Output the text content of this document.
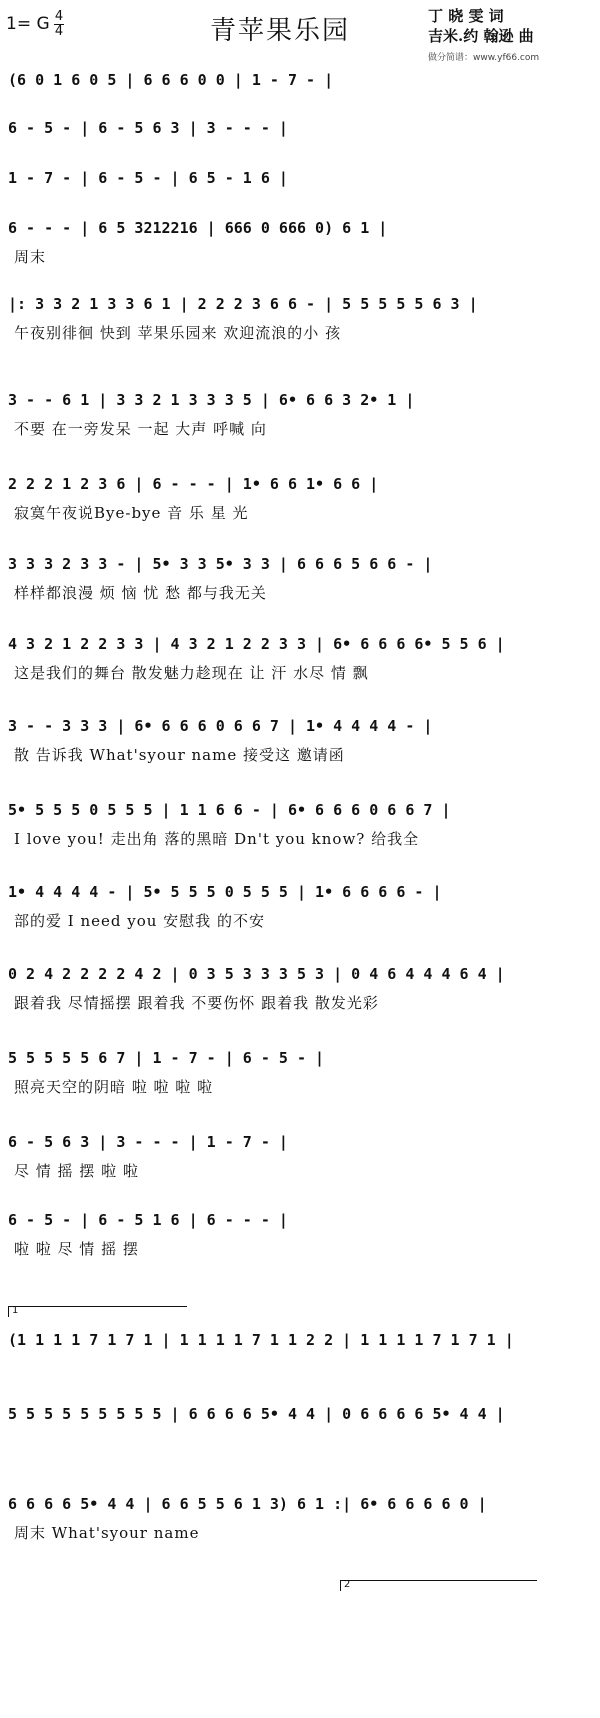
1= G 4
4	青苹果乐园	丁 晓 雯 词
吉米.约 翰逊 曲
做分简谱：www.yf66.com
(6 0 1 6 0 5 | 6 6 6 0 0 | 1 - 7 - |
6 - 5 - | 6 - 5 6 3 | 3 - - - |
1 - 7 - | 6 - 5 - | 6 5 - 1 6 |
6 - - - | 6 5 3212216 | 666 0 666 0) 6 1 |
周末
|: 3 3 2 1 3 3 6 1 | 2 2 2 3 6 6 - | 5 5 5 5 5 6 3 |
午夜别徘徊 快到 苹果乐园来 欢迎流浪的小 孩
3 - - 6 1 | 3 3 2 1 3 3 3 5 | 6• 6 6 3 2• 1 |
不要 在一旁发呆 一起 大声 呼喊 向
2 2 2 1 2 3 6 | 6 - - - | 1• 6 6 1• 6 6 |
寂寞午夜说Bye-bye 音 乐 星 光
3 3 3 2 3 3 - | 5• 3 3 5• 3 3 | 6 6 6 5 6 6 - |
样样都浪漫 烦 恼 忧 愁 都与我无关
4 3 2 1 2 2 3 3 | 4 3 2 1 2 2 3 3 | 6• 6 6 6 6• 5 5 6 |
这是我们的舞台 散发魅力趁现在 让 汗 水尽 情 飘
3 - - 3 3 3 | 6• 6 6 6 0 6 6 7 | 1• 4 4 4 4 - |
散 告诉我 What'syour name 接受这 邀请函
5• 5 5 5 0 5 5 5 | 1 1 6 6 - | 6• 6 6 6 0 6 6 7 |
I love you! 走出角 落的黑暗 Dn't you know? 给我全
1• 4 4 4 4 - | 5• 5 5 5 0 5 5 5 | 1• 6 6 6 6 - |
部的爱 I need you 安慰我 的不安
0 2 4 2 2 2 2 4 2 | 0 3 5 3 3 3 5 3 | 0 4 6 4 4 4 6 4 |
跟着我 尽情摇摆 跟着我 不要伤怀 跟着我 散发光彩
5 5 5 5 5 6 7 | 1 - 7 - | 6 - 5 - |
照亮天空的阴暗 啦 啦 啦 啦
6 - 5 6 3 | 3 - - - | 1 - 7 - |
尽 情 摇 摆 啦 啦
6 - 5 - | 6 - 5 1 6 | 6 - - - |
啦 啦 尽 情 摇 摆
(1 1 1 1 7 1 7 1 | 1 1 1 1 7 1 1 2 2 | 1 1 1 1 7 1 7 1 |
5 5 5 5 5 5 5 5 5 | 6 6 6 6 5• 4 4 | 0 6 6 6 6 5• 4 4 |
6 6 6 6 5• 4 4 | 6 6 5 5 6 1 3) 6 1 :| 6• 6 6 6 6 0 |
周末 What'syour name
1
2
